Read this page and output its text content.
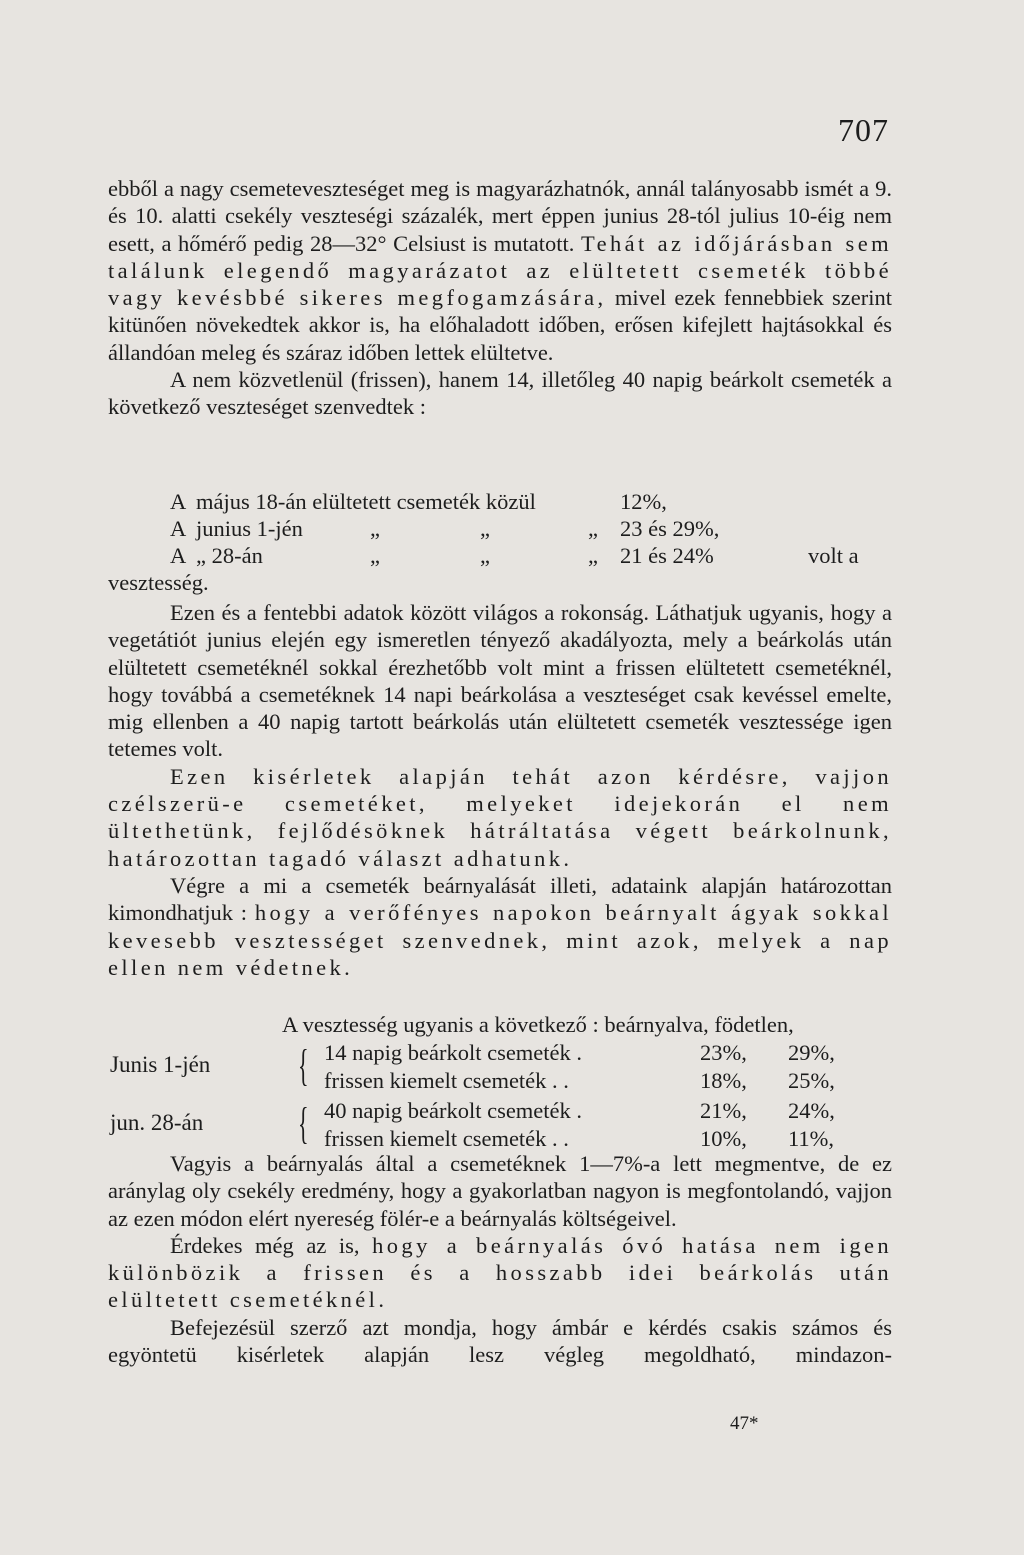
707

ebből a nagy csemeteveszteséget meg is magyarázhatnók, annál talányosabb ismét a 9. és 10. alatti csekély veszteségi százalék, mert éppen junius 28-tól julius 10-éig nem esett, a hőmérő pedig 28—32° Celsiust is mutatott. Tehát az időjárásban sem találunk elegendő magyarázatot az elültetett csemeték többé vagy kevésbbé sikeres megfogamzására, mivel ezek fennebbiek szerint kitünően növekedtek akkor is, ha előhaladott időben, erősen kifejlett hajtásokkal és állandóan meleg és száraz időben lettek elültetve.

A nem közvetlenül (frissen), hanem 14, illetőleg 40 napig beárkolt csemeték a következő veszteséget szenvedtek :

A május 18-án elültetett csemeték közül	12%,
A junius 1-jén	„	„	„ 23 és 29%,
A „ 28-án	„	„	„ 21 és 24%	volt a
vesztesség.

Ezen és a fentebbi adatok között világos a rokonság. Láthatjuk ugyanis, hogy a vegetátiót junius elején egy ismeretlen tényező akadályozta, mely a beárkolás után elültetett csemetéknél sokkal érezhetőbb volt mint a frissen elültetett csemetéknél, hogy továbbá a csemetéknek 14 napi beárkolása a veszteséget csak kevéssel emelte, mig ellenben a 40 napig tartott beárkolás után elültetett csemeték vesztessége igen tetemes volt.

Ezen kisérletek alapján tehát azon kérdésre, vajjon czélszerü-e csemetéket, melyeket idejekorán el nem ültethetünk, fejlődésöknek hátráltatása végett beárkolnunk, határozottan tagadó választ adhatunk.

Végre a mi a csemeték beárnyalását illeti, adataink alapján határozottan kimondhatjuk : hogy a verőfényes napokon beárnyalt ágyak sokkal kevesebb vesztességet szenvednek, mint azok, melyek a nap ellen nem védetnek.

A vesztesség ugyanis a következő : beárnyalva, födetlen,
Junis 1-jén { 14 napig beárkolt csemeték .	23%, 29%,
frissen kiemelt csemeték . .	18%, 25%,
jun. 28-án { 40 napig beárkolt csemeték .	21%, 24%,
frissen kiemelt csemeték . .	10%, 11%,

Vagyis a beárnyalás által a csemetéknek 1—7%-a lett megmentve, de ez aránylag oly csekély eredmény, hogy a gyakorlatban nagyon is megfontolandó, vajjon az ezen módon elért nyereség fölér-e a beárnyalás költségeivel.

Érdekes még az is, hogy a beárnyalás óvó hatása nem igen különbözik a frissen és a hosszabb idei beárkolás után elültetett csemetéknél.

Befejezésül szerző azt mondja, hogy ámbár e kérdés csakis számos és egyöntetü kisérletek alapján lesz végleg megoldható, mindazon-

47*
